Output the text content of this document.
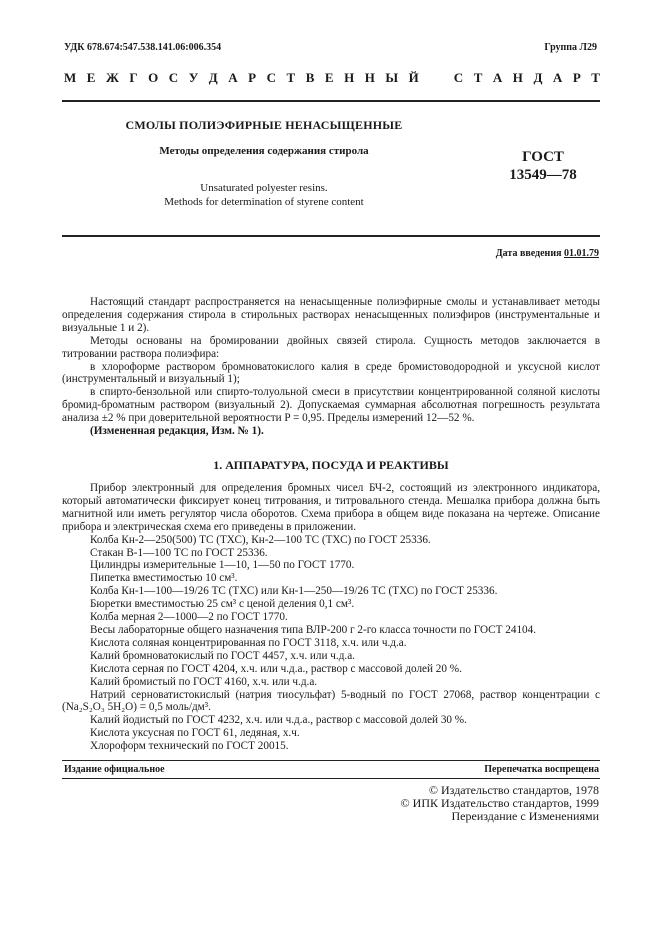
УДК 678.674:547.538.141.06:006.354	Группа Л29
М Е Ж Г О С У Д А Р С Т В Е Н Н Ы Й	С Т А Н Д А Р Т
СМОЛЫ ПОЛИЭФИРНЫЕ НЕНАСЫЩЕННЫЕ
Методы определения содержания стирола
Unsaturated polyester resins.
Methods for determination of styrene content
ГОСТ
13549—78
Дата введения 01.01.79

Настоящий стандарт распространяется на ненасыщенные полиэфирные смолы и устанавливает методы определения содержания стирола в стирольных растворах ненасыщенных полиэфиров (инструментальные и визуальные 1 и 2).

Методы основаны на бромировании двойных связей стирола. Сущность методов заключается в титровании раствора полиэфира:

в хлороформе раствором бромноватокислого калия в среде бромистоводородной и уксусной кислот (инструментальный и визуальный 1);

в спирто-бензольной или спирто-толуольной смеси в присутствии концентрированной соляной кислоты бромид-броматным раствором (визуальный 2). Допускаемая суммарная абсолютная погрешность результата анализа ±2 % при доверительной вероятности P = 0,95. Пределы измерений 12—52 %.

(Измененная редакция, Изм. № 1).

1. АППАРАТУРА, ПОСУДА И РЕАКТИВЫ

Прибор электронный для определения бромных чисел БЧ-2, состоящий из электронного индикатора, который автоматически фиксирует конец титрования, и титровального стенда. Мешалка прибора должна быть магнитной или иметь регулятор числа оборотов. Схема прибора в общем виде показана на чертеже. Описание прибора и электрическая схема его приведены в приложении.

Колба Кн-2—250(500) ТС (ТХС), Кн-2—100 ТС (ТХС) по ГОСТ 25336.

Стакан В-1—100 ТС по ГОСТ 25336.

Цилиндры измерительные 1—10, 1—50 по ГОСТ 1770.

Пипетка вместимостью 10 см³.

Колба Кн-1—100—19/26 ТС (ТХС) или Кн-1—250—19/26 ТС (ТХС) по ГОСТ 25336.

Бюретки вместимостью 25 см³ с ценой деления 0,1 см³.

Колба мерная 2—1000—2 по ГОСТ 1770.

Весы лабораторные общего назначения типа ВЛР-200 г 2-го класса точности по ГОСТ 24104.

Кислота соляная концентрированная по ГОСТ 3118, х.ч. или ч.д.а.

Калий бромноватокислый по ГОСТ 4457, х.ч. или ч.д.а.

Кислота серная по ГОСТ 4204, х.ч. или ч.д.а., раствор с массовой долей 20 %.

Калий бромистый по ГОСТ 4160, х.ч. или ч.д.а.

Натрий серноватистокислый (натрия тиосульфат) 5-водный по ГОСТ 27068, раствор концентрации c (Na₂S₂O₃ 5H₂O) = 0,5 моль/дм³.

Калий йодистый по ГОСТ 4232, х.ч. или ч.д.а., раствор с массовой долей 30 %.

Кислота уксусная по ГОСТ 61, ледяная, х.ч.

Хлороформ технический по ГОСТ 20015.

Издание официальное	Перепечатка воспрещена
© Издательство стандартов, 1978
© ИПК Издательство стандартов, 1999
Переиздание с Изменениями
